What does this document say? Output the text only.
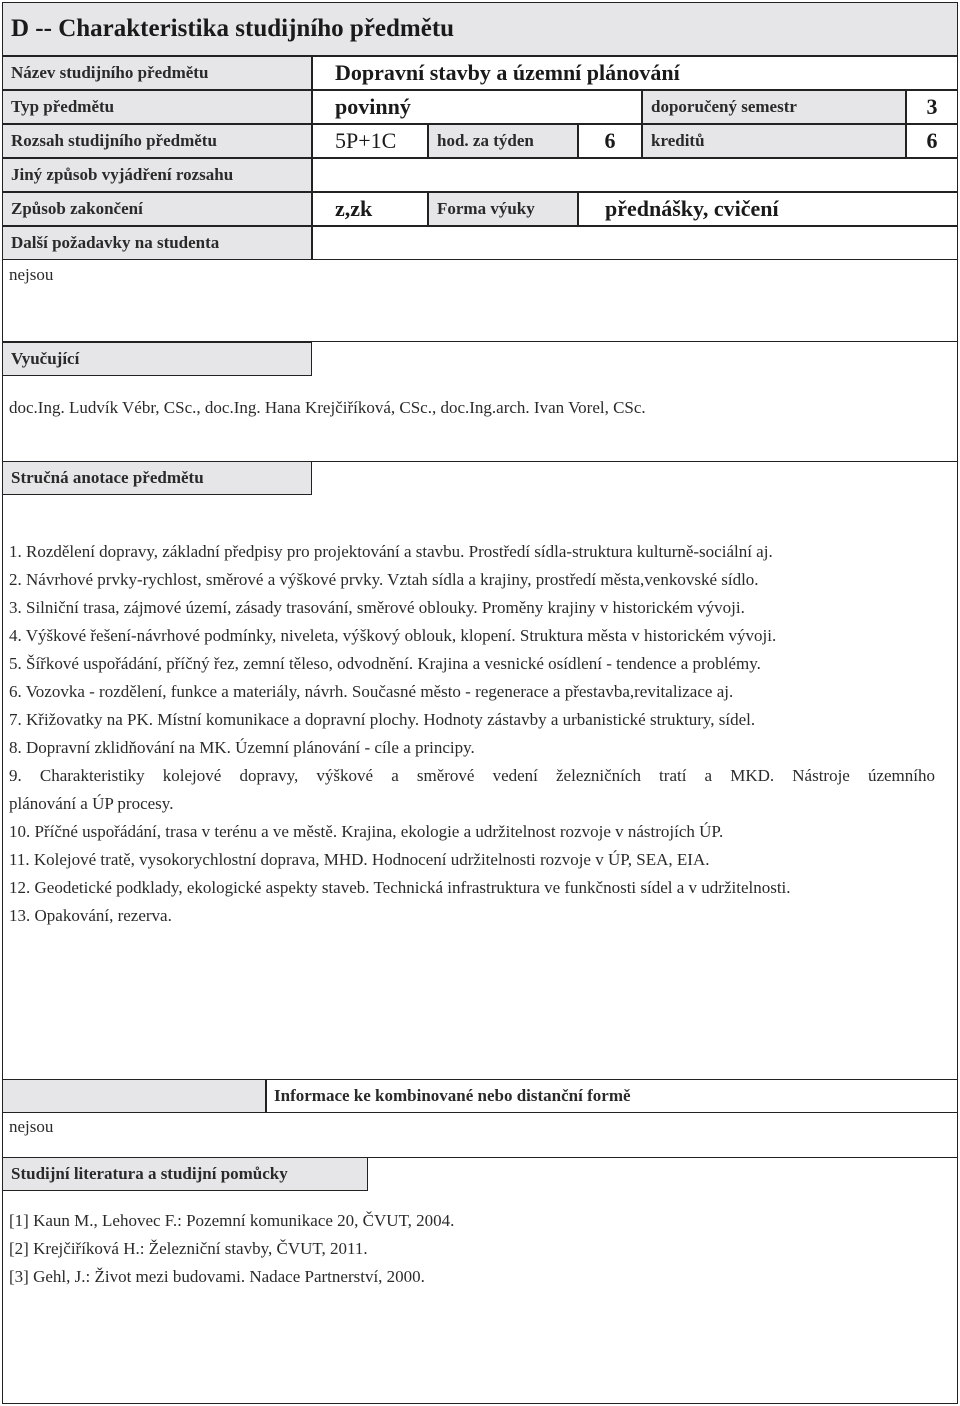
D -- Charakteristika studijního předmětu
Název studijního předmětu	Dopravní stavby a územní plánování
Typ předmětu	povinný	doporučený semestr	3
Rozsah studijního předmětu	5P+1C	hod. za týden	6	kreditů	6
Jiný způsob vyjádření rozsahu
Způsob zakončení	z,zk	Forma výuky	přednášky, cvičení
Další požadavky na studenta
nejsou
Vyučující
doc.Ing. Ludvík Vébr, CSc., doc.Ing. Hana Krejčiříková, CSc., doc.Ing.arch. Ivan Vorel, CSc.
Stručná anotace předmětu

1. Rozdělení dopravy, základní předpisy pro projektování a stavbu. Prostředí sídla-struktura kulturně-sociální aj.

2. Návrhové prvky-rychlost, směrové a výškové prvky. Vztah sídla a krajiny, prostředí města,venkovské sídlo.

3. Silniční trasa, zájmové území, zásady trasování, směrové oblouky. Proměny krajiny v historickém vývoji.

4. Výškové řešení-návrhové podmínky, niveleta, výškový oblouk, klopení. Struktura města v historickém vývoji.

5. Šířkové uspořádání, příčný řez, zemní těleso, odvodnění. Krajina a vesnické osídlení - tendence a problémy.

6. Vozovka - rozdělení, funkce a materiály, návrh. Současné město - regenerace a přestavba,revitalizace aj.

7. Křižovatky na PK. Místní komunikace a dopravní plochy. Hodnoty zástavby a urbanistické struktury, sídel.

8. Dopravní zklidňování na MK. Územní plánování - cíle a principy.

9. Charakteristiky kolejové dopravy, výškové a směrové vedení železničních tratí a MKD. Nástroje územního

plánování a ÚP procesy.

10. Příčné uspořádání, trasa v terénu a ve městě. Krajina, ekologie a udržitelnost rozvoje v nástrojích ÚP.

11. Kolejové tratě, vysokorychlostní doprava, MHD. Hodnocení udržitelnosti rozvoje v ÚP, SEA, EIA.

12. Geodetické podklady, ekologické aspekty staveb. Technická infrastruktura ve funkčnosti sídel a v udržitelnosti.

13. Opakování, rezerva.

Informace ke kombinované nebo distanční formě
nejsou
Studijní literatura a studijní pomůcky

[1] Kaun M., Lehovec F.: Pozemní komunikace 20, ČVUT, 2004.

[2] Krejčiříková H.: Železniční stavby, ČVUT, 2011.

[3] Gehl, J.: Život mezi budovami. Nadace Partnerství, 2000.
